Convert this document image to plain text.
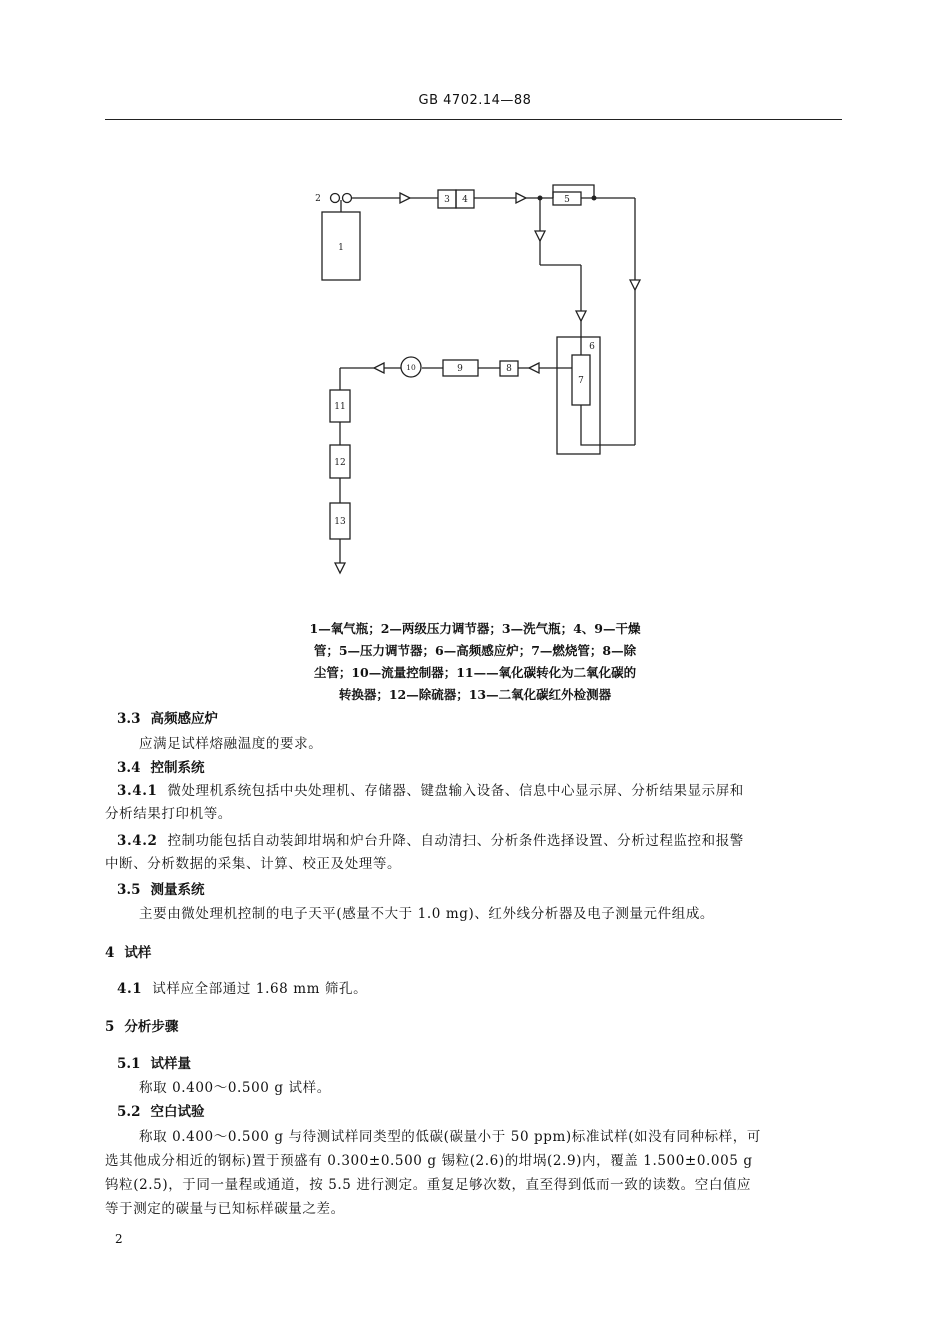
GB 4702.14—88
1
2	3 4	5
6
7
8
9
10
11
12
13
1—氧气瓶；2—两级压力调节器；3—洗气瓶；4、9—干燥
管；5—压力调节器；6—高频感应炉；7—燃烧管；8—除
尘管；10—流量控制器；11——氧化碳转化为二氧化碳的
转换器；12—除硫器；13—二氧化碳红外检测器
3.3 高频感应炉
应满足试样熔融温度的要求。
3.4 控制系统
3.4.1 微处理机系统包括中央处理机、存储器、键盘输入设备、信息中心显示屏、分析结果显示屏和
分析结果打印机等。
3.4.2 控制功能包括自动装卸坩埚和炉台升降、自动清扫、分析条件选择设置、分析过程监控和报警
中断、分析数据的采集、计算、校正及处理等。
3.5 测量系统
主要由微处理机控制的电子天平(感量不大于 1.0 mg)、红外线分析器及电子测量元件组成。
4 试样
4.1 试样应全部通过 1.68 mm 筛孔。
5 分析步骤
5.1 试样量
称取 0.400～0.500 g 试样。
5.2 空白试验
称取 0.400～0.500 g 与待测试样同类型的低碳(碳量小于 50 ppm)标准试样(如没有同种标样，可
选其他成分相近的钢标)置于预盛有 0.300±0.500 g 锡粒(2.6)的坩埚(2.9)内，覆盖 1.500±0.005 g
钨粒(2.5)，于同一量程或通道，按 5.5 进行测定。重复足够次数，直至得到低而一致的读数。空白值应
等于测定的碳量与已知标样碳量之差。
2
